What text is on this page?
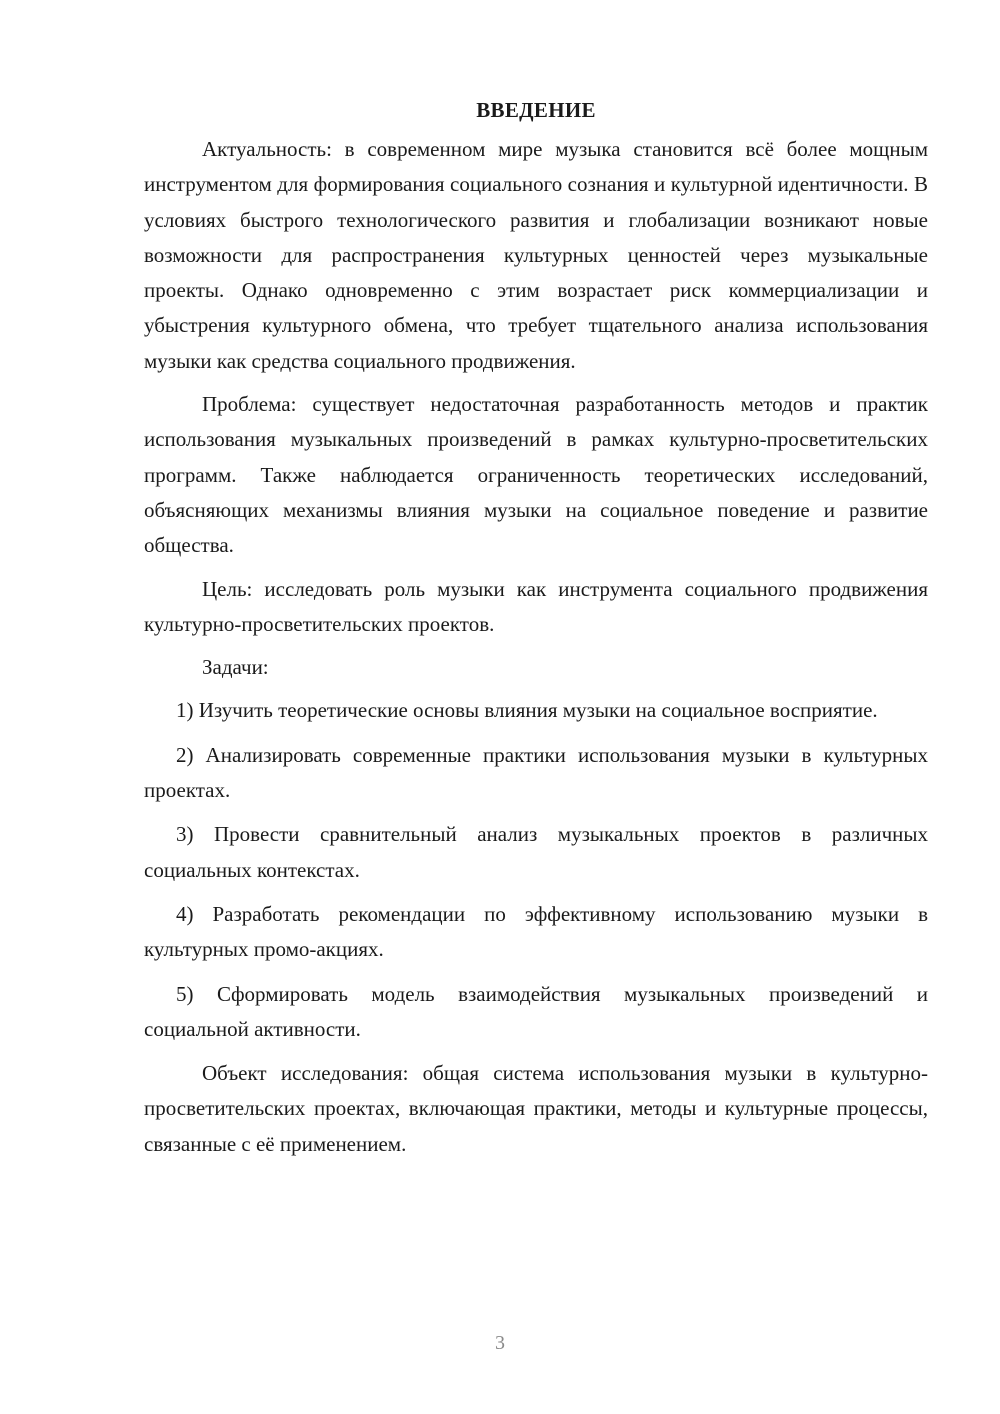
ВВЕДЕНИЕ

Актуальность: в современном мире музыка становится всё более мощным инструментом для формирования социального сознания и культурной идентичности. В условиях быстрого технологического развития и глобализации возникают новые возможности для распространения культурных ценностей через музыкальные проекты. Однако одновременно с этим возрастает риск коммерциализации и убыстрения культурного обмена, что требует тщательного анализа использования музыки как средства социального продвижения.

Проблема: существует недостаточная разработанность методов и практик использования музыкальных произведений в рамках культурно-просветительских программ. Также наблюдается ограниченность теоретических исследований, объясняющих механизмы влияния музыки на социальное поведение и развитие общества.

Цель: исследовать роль музыки как инструмента социального продвижения культурно-просветительских проектов.

Задачи:

1) Изучить теоретические основы влияния музыки на социальное восприятие.

2) Анализировать современные практики использования музыки в культурных проектах.

3) Провести сравнительный анализ музыкальных проектов в различных социальных контекстах.

4) Разработать рекомендации по эффективному использованию музыки в культурных промо-акциях.

5) Сформировать модель взаимодействия музыкальных произведений и социальной активности.

Объект исследования: общая система использования музыки в культурно-просветительских проектах, включающая практики, методы и культурные процессы, связанные с её применением.

3
